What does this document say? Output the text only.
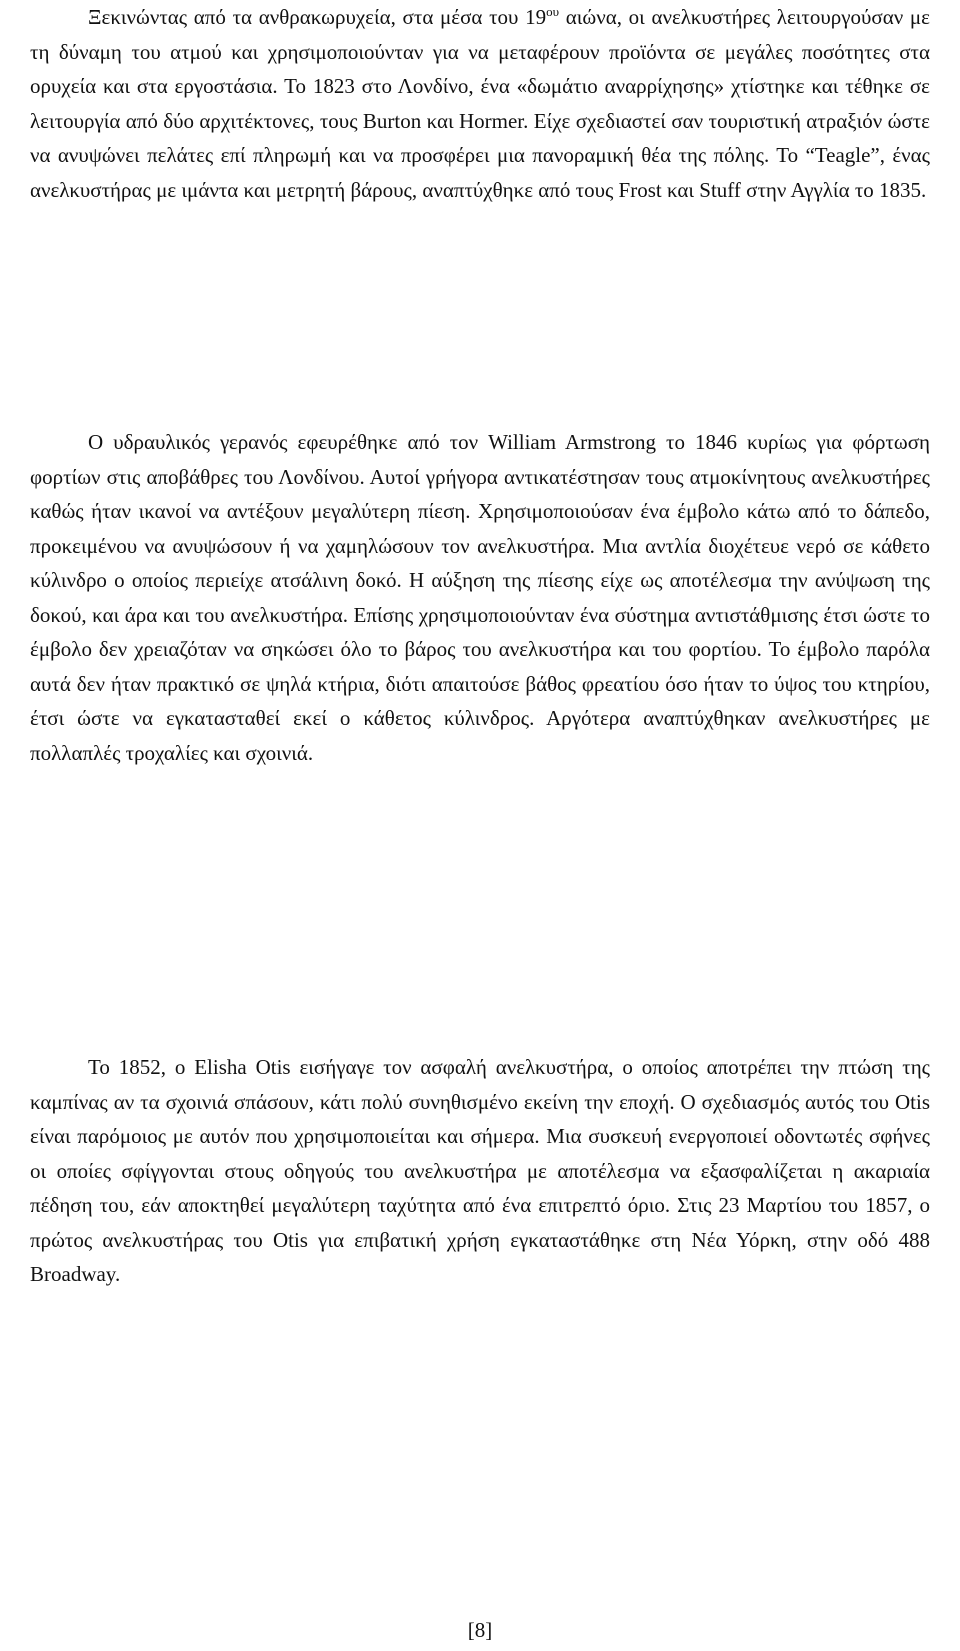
Ξεκινώντας από τα ανθρακωρυχεία, στα μέσα του $19^{o\upsilon}$ αιώνα, οι ανελκυστήρες λειτουργούσαν με τη δύναμη του ατμού και χρησιμοποιούνταν για να μεταφέρουν προϊόντα σε μεγάλες ποσότητες στα ορυχεία και στα εργοστάσια. Το 1823 στο Λονδίνο, ένα «δωμάτιο αναρρίχησης» χτίστηκε και τέθηκε σε λειτουργία από δύο αρχιτέκτονες, τους Burton και Hormer. Είχε σχεδιαστεί σαν τουριστική ατραξιόν ώστε να ανυψώνει πελάτες επί πληρωμή και να προσφέρει μια πανοραμική θέα της πόλης. Το “Teagle”, ένας ανελκυστήρας με ιμάντα και μετρητή βάρους, αναπτύχθηκε από τους Frost και Stuff στην Αγγλία το 1835.

Ο υδραυλικός γερανός εφευρέθηκε από τον William Armstrong το 1846 κυρίως για φόρτωση φορτίων στις αποβάθρες του Λονδίνου. Αυτοί γρήγορα αντικατέστησαν τους ατμοκίνητους ανελκυστήρες καθώς ήταν ικανοί να αντέξουν μεγαλύτερη πίεση. Χρησιμοποιούσαν ένα έμβολο κάτω από το δάπεδο, προκειμένου να ανυψώσουν ή να χαμηλώσουν τον ανελκυστήρα. Μια αντλία διοχέτευε νερό σε κάθετο κύλινδρο ο οποίος περιείχε ατσάλινη δοκό. Η αύξηση της πίεσης είχε ως αποτέλεσμα την ανύψωση της δοκού, και άρα και του ανελκυστήρα. Επίσης χρησιμοποιούνταν ένα σύστημα αντιστάθμισης έτσι ώστε το έμβολο δεν χρειαζόταν να σηκώσει όλο το βάρος του ανελκυστήρα και του φορτίου. Το έμβολο παρόλα αυτά δεν ήταν πρακτικό σε ψηλά κτήρια, διότι απαιτούσε βάθος φρεατίου όσο ήταν το ύψος του κτηρίου, έτσι ώστε να εγκατασταθεί εκεί ο κάθετος κύλινδρος. Αργότερα αναπτύχθηκαν ανελκυστήρες με πολλαπλές τροχαλίες και σχοινιά.

Το 1852, ο Elisha Otis εισήγαγε τον ασφαλή ανελκυστήρα, ο οποίος αποτρέπει την πτώση της καμπίνας αν τα σχοινιά σπάσουν, κάτι πολύ συνηθισμένο εκείνη την εποχή. Ο σχεδιασμός αυτός του Otis είναι παρόμοιος με αυτόν που χρησιμοποιείται και σήμερα. Μια συσκευή ενεργοποιεί οδοντωτές σφήνες οι οποίες σφίγγονται στους οδηγούς του ανελκυστήρα με αποτέλεσμα να εξασφαλίζεται η ακαριαία πέδηση του, εάν αποκτηθεί μεγαλύτερη ταχύτητα από ένα επιτρεπτό όριο. Στις 23 Μαρτίου του 1857, ο πρώτος ανελκυστήρας του Otis για επιβατική χρήση εγκαταστάθηκε στη Νέα Υόρκη, στην οδό 488 Broadway.

[8]
